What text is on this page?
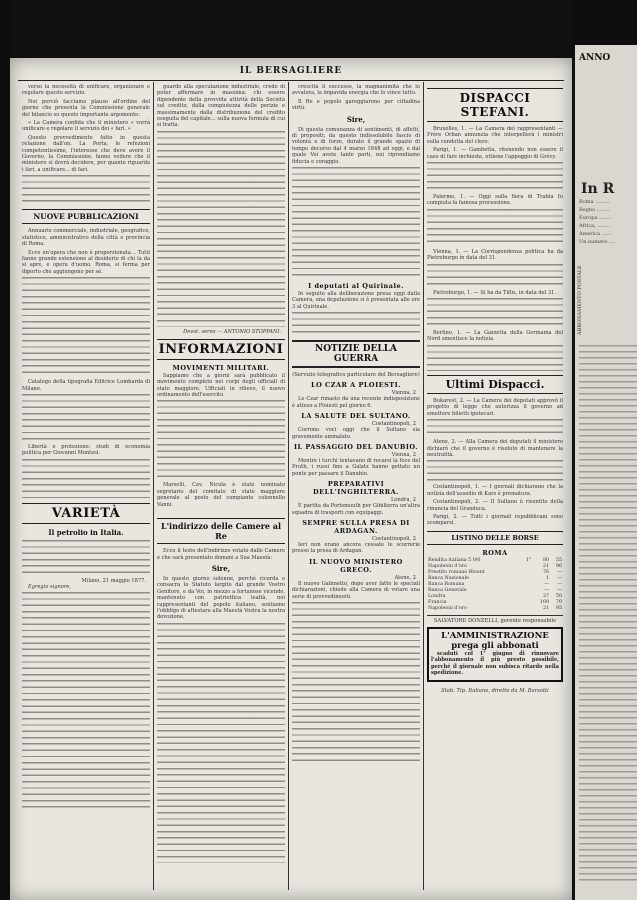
IL BERSAGLIERE

verso la necessità di unificare, organizzare e regolare questo servizio.

Noi perciò facciamo plauso all'ordine del giorno che presenta la Commissione generale del bilancio su questo importante argomento:

« La Camera confida che il ministero « vorrà unificare e regolare il servizio dei « fari. »

Questo provvedimento fatto in questa relazione dall'on. La Porta, le refezioni competentissime, l'interesse che deve avere il Governo, la Commissione, fanno vedere che il ministero si dovrà decidere, per quanto riguarda i fari, a unificare... di fari.

NUOVE PUBBLICAZIONI

Annuario commerciale, industriale, geografico, statistico, amministrativo della città e provincia di Roma.

Ecco un'opera che non è proporzionata... Tutti fanno grande estensione al desiderio di chi la da si apre, e opera d'uomo. Roma, si ferma per diporto che aggiungono per sé.

Catalogo della tipografia Editrice Lombarda di Milano.

Libertà e protezione: studi di economia politica per Giovanni Montesi.

VARIETÀ
Il petrolio in Italia.
Milano, 21 maggio 1877.
Egregio signore,

guardo alla speculazione industriale, credo di poter affermare in massima: chi essere dipendente della provvida attività della Società sul credito, dalla compiutezza delle perizie e massimamente dalla distribuzione del credito eseguita del capitale... sulla nuova formula di cui si tratta.

Devot. servo — ANTONIO STOPPANI.
INFORMAZIONI
MOVIMENTI MILITARI.

Sappiamo che a giorni sarà pubblicato il movimento completo nei corpi degli ufficiali di stato maggiore. Ufficiali in rilievo, il nuovo ordinamento dell'esercito.

Marselli, Cav. Nicola è stato nominato segretario del comitato di stato maggiore generale al posto del compianto colonnello Vanni.

L'indirizzo delle Camere al Re

Ecco il testo dell'indirizzo votato dalle Camere e che sarà presentato domani a Sua Maestà:

Sire,

In questo giorno solenne, perchè ricorda e consacra lo Statuto largito dal grande Vostro Genitore, e da Voi, in mezzo a fortunose vicende, mantenuto con patriottica lealtà, noi rappresentanti del popolo italiano, sentiamo l'obbligo di attestare alla Maestà Vostra la nostra devozione.

crescità il successo, la magnanimità che lo avvalora, la impavida energia che lo vince tutto.

Il Re e popolo gareggiarono per cittadina virtù.

Sire,

Di questa comunanza di sentimenti, di affetti, di propositi; da questo indissolubile fascio di volontà e di forze, durato il grande spazio di tempo decorso dal 4 marzo 1848 ad oggi, e dal quale Voi avete tante parti, noi riprendiamo fiducia e coraggio.

I deputati al Quirinale.

In seguito alla deliberazione presa oggi dalla Camera, una deputazione si è presentata alle ore 3 al Quirinale.

NOTIZIE DELLA GUERRA
(Servizio telegrafico particolare del Bersagliere)
LO CZAR A PLOIESTI.
Vienna, 2

Lo Czar rimasto da una recente indisposizione è atteso a Ploiesti pel giorno 6.

LA SALUTE DEL SULTANO.
Costantinopoli, 2

Corrono voci oggi che il Sultano sia gravemente ammalato.

IL PASSAGGIO DEL DANUBIO.
Vienna, 2

Mentre i turchi tentavano di recarsi la foce del Pruth, i russi fino a Galatz hanno gettato un ponte per passare il Danubio.

PREPARATIVI DELL'INGHILTERRA.
Londra, 2

È partita da Portsmouth per Gibilterra un'altra squadra di trasporti con equipaggi.

SEMPRE SULLA PRESA DI ARDAGAN.
Costantinopoli, 2

Ieri non erano ancora cessate le scorrerie presso la presa di Ardagan.

IL NUOVO MINISTERO GRECO.
Atene, 2

Il nuovo Gabinetto, dopo aver fatto le speciali dichiarazioni, chiede alla Camera di votare una serie di provvedimenti.

DISPACCI STEFANI.

Bruxelles, 1. — La Camera dei rappresentanti — Frère Orban annunzia che interpellerà i ministri sulla condotta del clero.

Parigi, 1. — Gambetta, ritenendo non essere il caso di fare inchieste, ottiene l'appoggio di Grévy.

Palermo, 1. — Oggi sulla fiera di Trabia fu compiuta la famosa processione.

Vienna, 1. — La Corrispondenza politica ha da Pietroburgo in data del 31.

Pietroburgo, 1. — Si ha da Tiflis, in data del 31.

Berlino, 1. — La Gazzetta della Germania del Nord smentisce la notizia.

Ultimi Dispacci.

Bukarest, 2. — La Camera dei deputati approvò il progetto di legge che autorizza il governo ad emettere bilietti ipotecari.

Atene, 2. — Alla Camera dei deputati il ministero dichiarò che il governo è risoluto di mantenere la neutralità.

Costantinopoli, 1. — I giornali dichiarano che la notizia dell'assedio di Kars è prematura.

Costantinopoli, 2. — Il Sultano è risentito della rinuncia del Granduca.

Parigi, 2. — Tutti i giornali repubblicani sono scomparsi.

LISTINO DELLE BORSE
ROMA
Rendita italiana 5 0/0	1°	80	55
Napoleoni d'oro		21	96
Prestito romano Blount		76	—
Banca Nazionale		1	—
Banca Romana		—	—
Banca Generale		—	—
Londra		27	50
Francia		109	70
Napoleoni d'oro		21	95
SALVATORE DONZELLI, gerente responsabile
L'AMMINISTRAZIONE prega gli abbonati

scaduti col 1° giugno di rinnovare l'abbonamento il più presto possibile, perché il giornale non subisca ritardo nella spedizione.

Stab. Tip. Italiano, diretto da M. Barsotti
ANNO
ABBONAMENTO POSTALE
In R
Roma .........
Regno ........
Europa ........
Africa, ........
America ......
Un numero ....
